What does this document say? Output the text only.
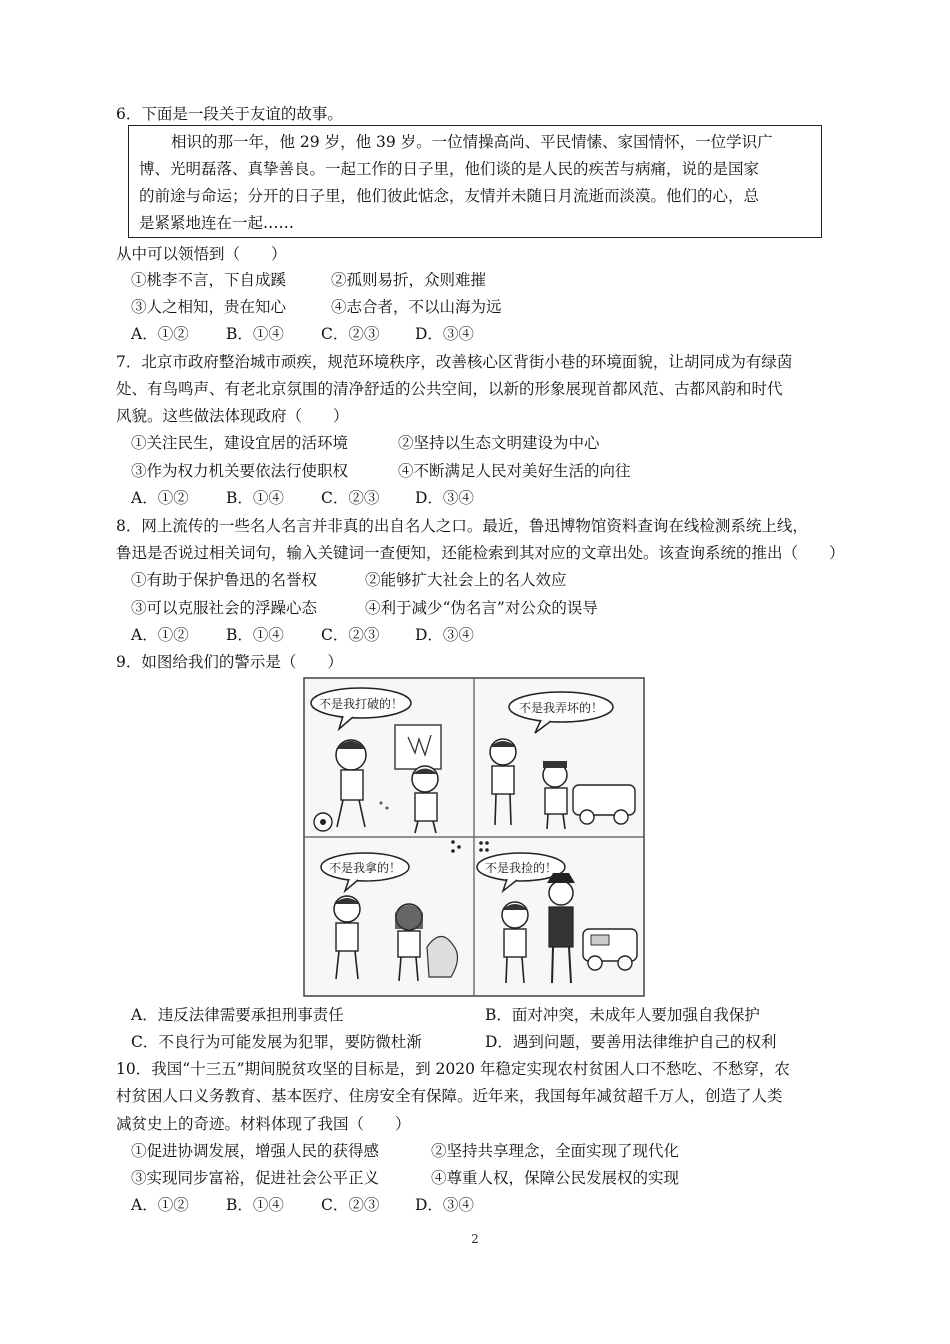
6．下面是一段关于友谊的故事。
相识的那一年，他 29 岁，他 39 岁。一位情操高尚、平民情愫、家国情怀，一位学识广
博、光明磊落、真挚善良。一起工作的日子里，他们谈的是人民的疾苦与病痛，说的是国家
的前途与命运；分开的日子里，他们彼此惦念，友情并未随日月流逝而淡漠。他们的心，总
是紧紧地连在一起……
从中可以领悟到（　　）
①桃李不言，下自成蹊	②孤则易折，众则难摧
③人之相知，贵在知心	④志合者，不以山海为远
A．①② B．①④ C．②③ D．③④
7．北京市政府整治城市顽疾，规范环境秩序，改善核心区背街小巷的环境面貌，让胡同成为有绿茵
处、有鸟鸣声、有老北京氛围的清净舒适的公共空间，以新的形象展现首都风范、古都风韵和时代
风貌。这些做法体现政府（　　）
①关注民生，建设宜居的活环境	②坚持以生态文明建设为中心
③作为权力机关要依法行使职权	④不断满足人民对美好生活的向往
A．①② B．①④ C．②③ D．③④
8．网上流传的一些名人名言并非真的出自名人之口。最近，鲁迅博物馆资料查询在线检测系统上线，
鲁迅是否说过相关词句，输入关键词一查便知，还能检索到其对应的文章出处。该查询系统的推出（　　）
①有助于保护鲁迅的名誉权	②能够扩大社会上的名人效应
③可以克服社会的浮躁心态	④利于减少“伪名言”对公众的误导
A．①② B．①④ C．②③ D．③④
9．如图给我们的警示是（　　）
不是我打破的！	不是我弄坏的！
不是我拿的！	不是我捡的！
A．违反法律需要承担刑事责任	B．面对冲突，未成年人要加强自我保护
C．不良行为可能发展为犯罪，要防微杜渐	D．遇到问题，要善用法律维护自己的权利
10．我国“十三五”期间脱贫攻坚的目标是，到 2020 年稳定实现农村贫困人口不愁吃、不愁穿，农
村贫困人口义务教育、基本医疗、住房安全有保障。近年来，我国每年减贫超千万人，创造了人类
减贫史上的奇迹。材料体现了我国（　　）
①促进协调发展，增强人民的获得感	②坚持共享理念，全面实现了现代化
③实现同步富裕，促进社会公平正义	④尊重人权，保障公民发展权的实现
A．①② B．①④ C．②③ D．③④
2
